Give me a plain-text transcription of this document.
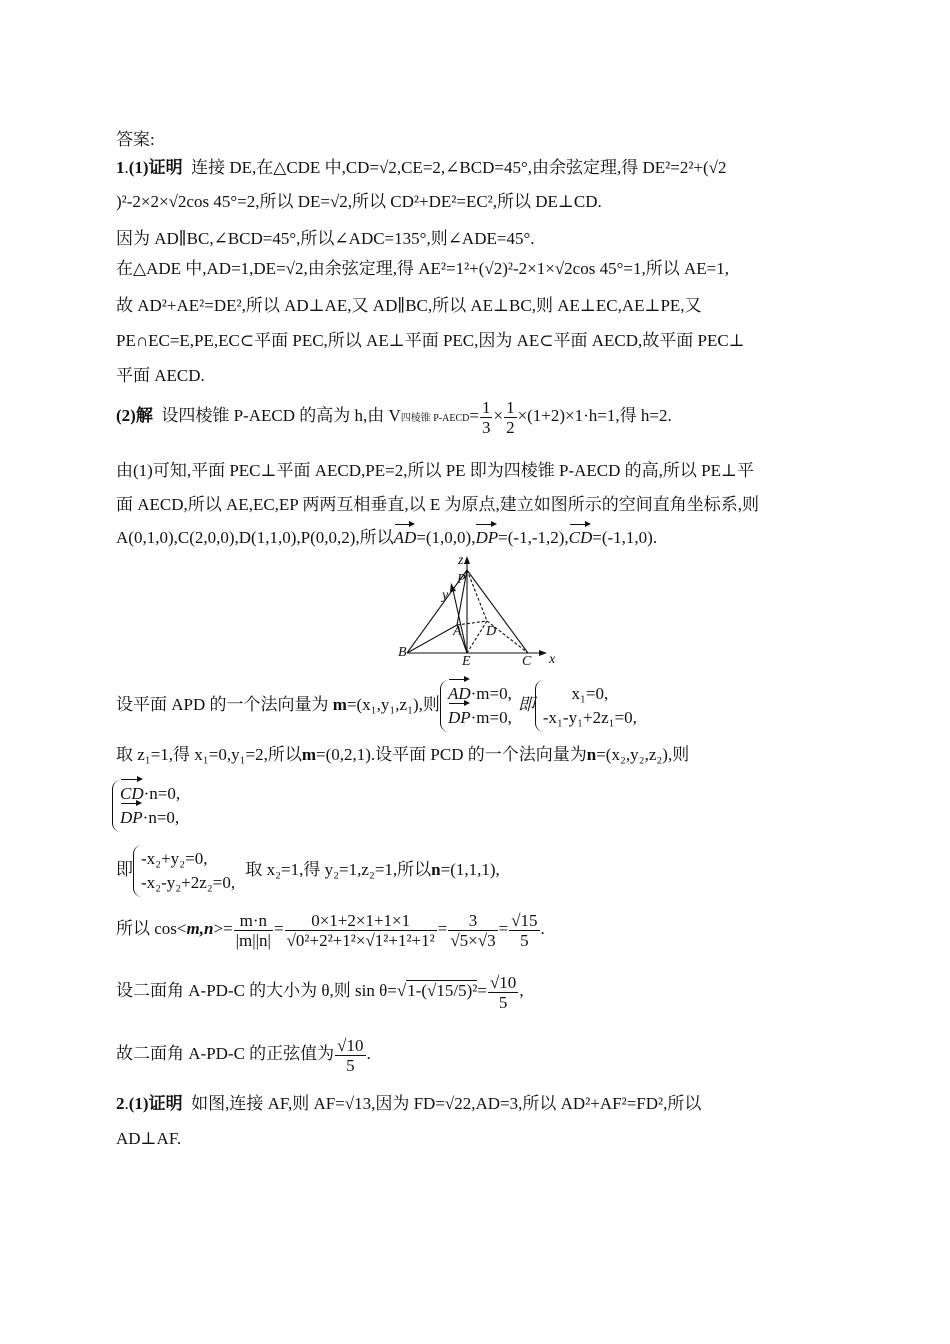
答案:
1.(1)证明 连接 DE,在△CDE 中,CD=√2,CE=2,∠BCD=45°,由余弦定理,得 DE²=2²+(√2
)²-2×2×√2cos 45°=2,所以 DE=√2,所以 CD²+DE²=EC²,所以 DE⊥CD.
因为 AD∥BC,∠BCD=45°,所以∠ADC=135°,则∠ADE=45°.
在△ADE 中,AD=1,DE=√2,由余弦定理,得 AE²=1²+(√2)²-2×1×√2cos 45°=1,所以 AE=1,
故 AD²+AE²=DE²,所以 AD⊥AE,又 AD∥BC,所以 AE⊥BC,则 AE⊥EC,AE⊥PE,又
PE∩EC=E,PE,EC⊂平面 PEC,所以 AE⊥平面 PEC,因为 AE⊂平面 AECD,故平面 PEC⊥
平面 AECD.
(2)解 设四棱锥 P-AECD 的高为 h,由 V四棱锥 P-AECD= $\frac{1}{3} \times \frac{1}{2} \times(1+2)\times 1\cdot h=1$,得 h=2.
由(1)可知,平面 PEC⊥平面 AECD,PE=2,所以 PE 即为四棱锥 P-AECD 的高,所以 PE⊥平
面 AECD,所以 AE,EC,EP 两两互相垂直,以 E 为原点,建立如图所示的空间直角坐标系,则
A(0,1,0),C(2,0,0),D(1,1,0),P(0,0,2),所以AD=(1,0,0),DP=(-1,-1,2),CD=(-1,1,0).
z
y
x
P
A D
B
E	C
设平面 APD 的一个法向量为 m=(x₁,y₁,z₁),则
AD·m=0,
DP·m=0,
即
x₁=0,
-x₁-y₁+2z₁=0,
取 z₁=1,得 x₁=0,y₁=2,所以m=(0,2,1).设平面 PCD 的一个法向量为n=(x₂,y₂,z₂),则
CD·n=0,
DP·n=0,
即
-x₂+y₂=0,
-x₂-y₂+2z₂=0,
取 x₂=1,得 y₂=1,z₂=1,所以n=(1,1,1),
所以 $\cos<m,n>= \frac{m\cdot n}{|m||n|} = \frac{0\times 1+2\times 1+1\times 1}{\text{√0²+2²+1²×√1²+1²+1²}} = \frac{3}{√5\times√3} = \frac{√15}{5}$ .
设二面角 A-PD-C 的大小为 θ,则 $\sin \theta=√1-(√15/5)^2= \frac{√10}{5}$ ,
故二面角 A-PD-C 的正弦值为 $\frac{√10}{5}$ .
2.(1)证明 如图,连接 AF,则 AF=√13,因为 FD=√22,AD=3,所以 AD²+AF²=FD²,所以
AD⊥AF.
